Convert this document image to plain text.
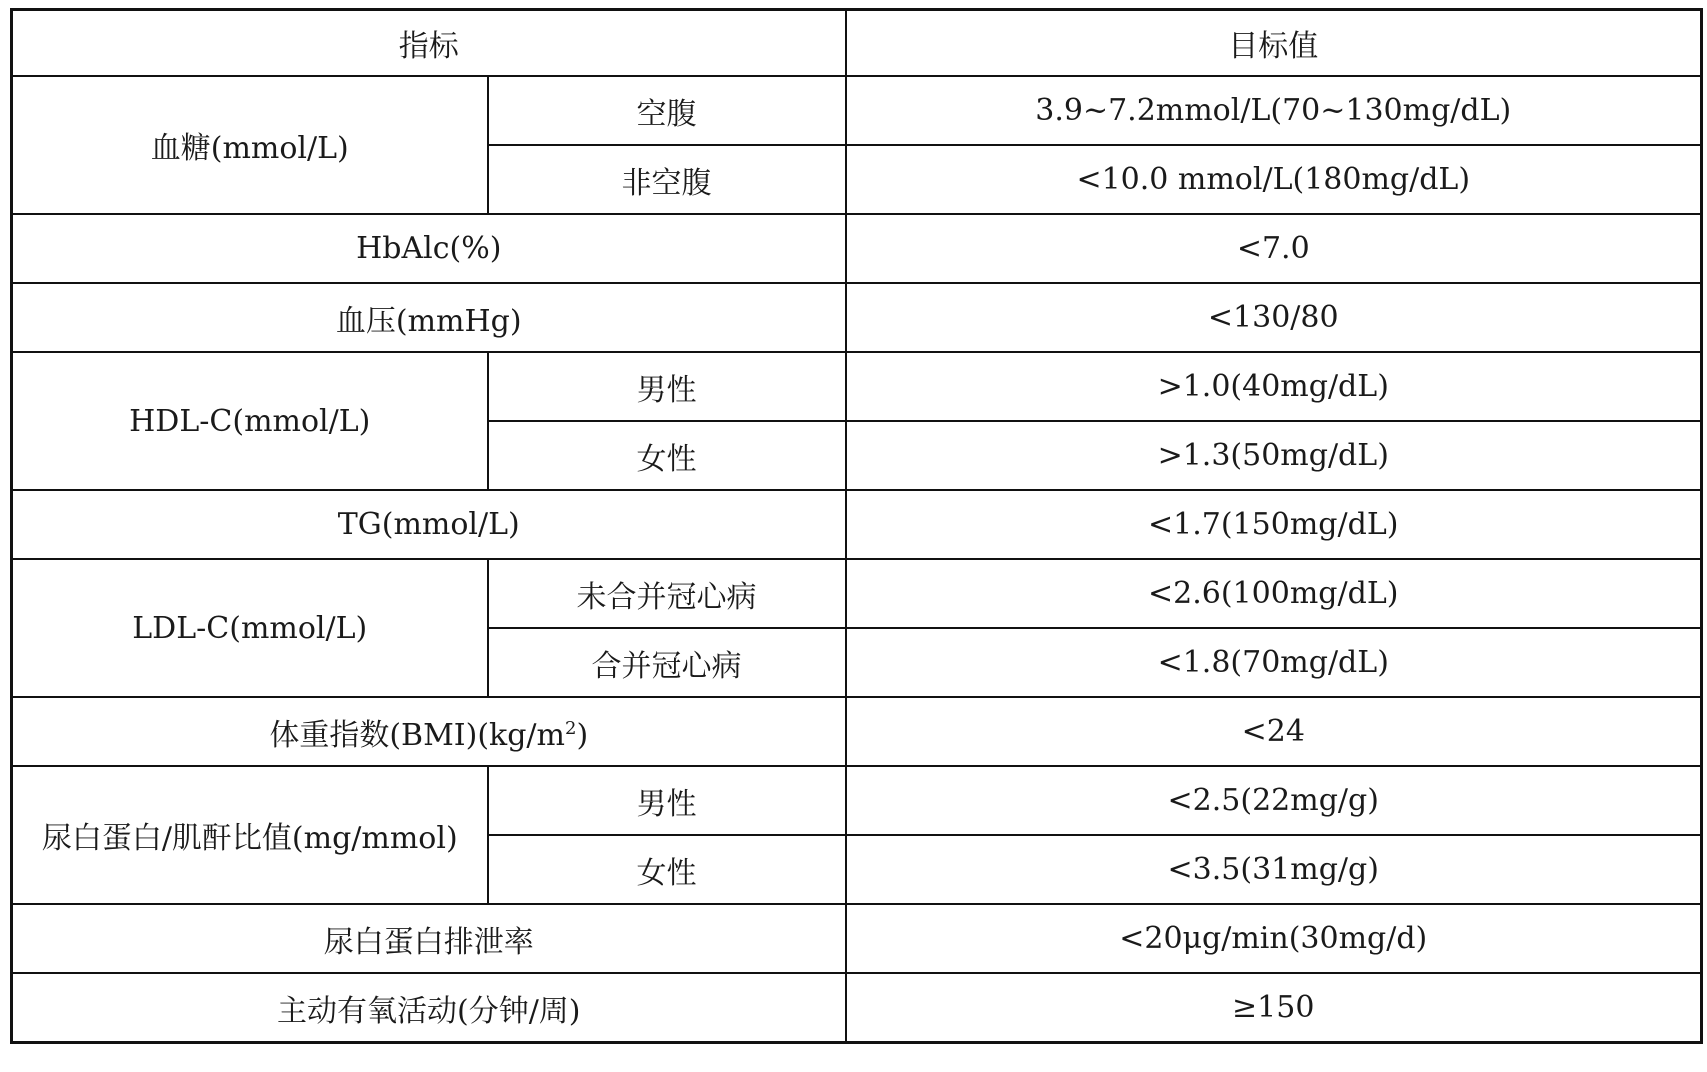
指标		目标值
血糖(mmol/L)	空腹	3.9~7.2mmol/L(70~130mg/dL)
	非空腹	<10.0 mmol/L(180mg/dL)
HbAlc(%)		<7.0
血压(mmHg)		<130/80
HDL-C(mmol/L)	男性	>1.0(40mg/dL)
	女性	>1.3(50mg/dL)
TG(mmol/L)		<1.7(150mg/dL)
LDL-C(mmol/L)	未合并冠心病	<2.6(100mg/dL)
	合并冠心病	<1.8(70mg/dL)
体重指数$(BMI)(kg/m^2)$		<24
尿白蛋白/肌酐比值(mg/mmol)	男性	<2.5(22mg/g)
	女性	<3.5(31mg/g)
尿白蛋白排泄率		<20μg/min(30mg/d)
主动有氧活动(分钟/周)		≥150
